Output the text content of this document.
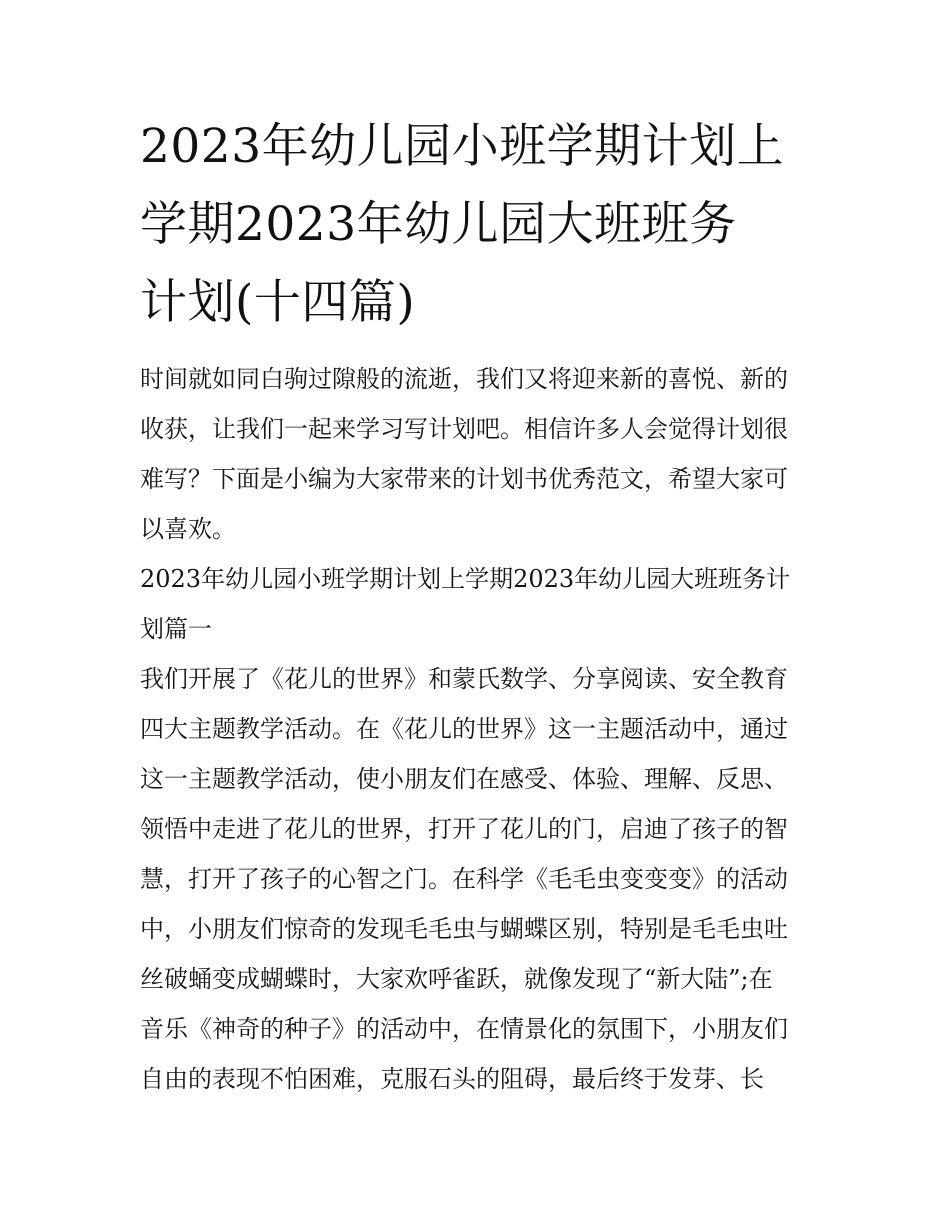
2023年幼儿园小班学期计划上
学期2023年幼儿园大班班务
计划(十四篇)

时间就如同白驹过隙般的流逝，我们又将迎来新的喜悦、新的
收获，让我们一起来学习写计划吧。相信许多人会觉得计划很
难写？下面是小编为大家带来的计划书优秀范文，希望大家可
以喜欢。

2023年幼儿园小班学期计划上学期2023年幼儿园大班班务计
划篇一

我们开展了《花儿的世界》和蒙氏数学、分享阅读、安全教育
四大主题教学活动。在《花儿的世界》这一主题活动中，通过
这一主题教学活动，使小朋友们在感受、体验、理解、反思、
领悟中走进了花儿的世界，打开了花儿的门，启迪了孩子的智
慧，打开了孩子的心智之门。在科学《毛毛虫变变变》的活动
中，小朋友们惊奇的发现毛毛虫与蝴蝶区别，特别是毛毛虫吐
丝破蛹变成蝴蝶时，大家欢呼雀跃，就像发现了“新大陆”;在
音乐《神奇的种子》的活动中，在情景化的氛围下，小朋友们
自由的表现不怕困难，克服石头的阻碍，最后终于发芽、长
